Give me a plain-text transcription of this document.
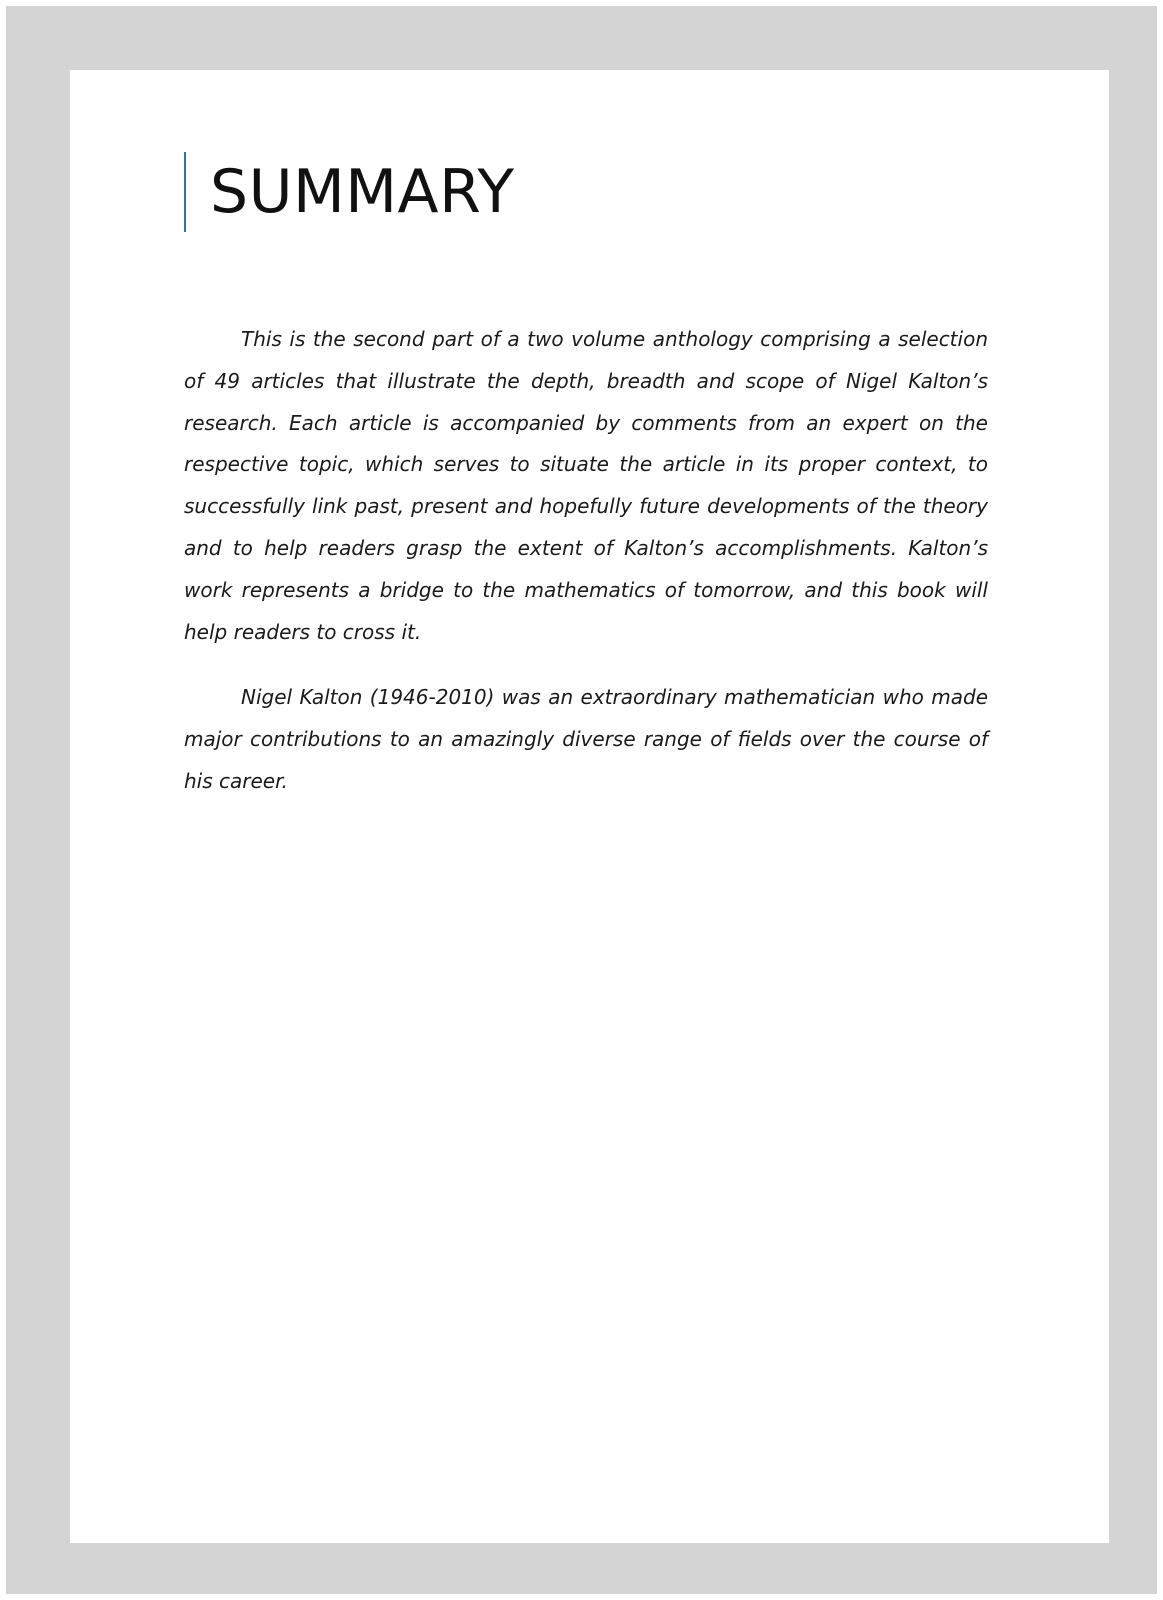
SUMMARY

This is the second part of a two volume anthology comprising a selection of 49 articles that illustrate the depth, breadth and scope of Nigel Kalton’s research. Each article is accompanied by comments from an expert on the respective topic, which serves to situate the article in its proper context, to successfully link past, present and hopefully future developments of the theory and to help readers grasp the extent of Kalton’s accomplishments. Kalton’s work represents a bridge to the mathematics of tomorrow, and this book will help readers to cross it.

Nigel Kalton (1946-2010) was an extraordinary mathematician who made major contributions to an amazingly diverse range of fields over the course of his career.
